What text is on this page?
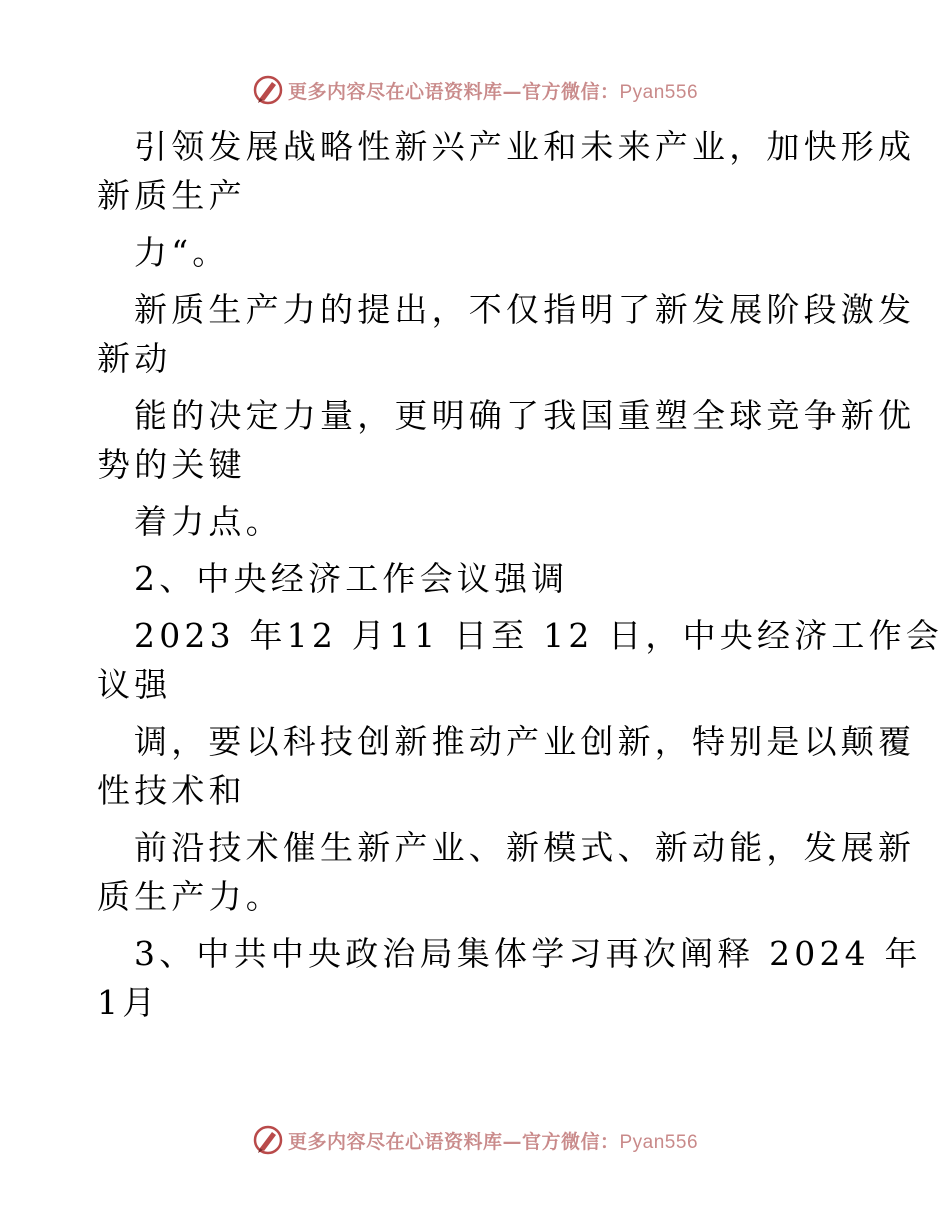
更多内容尽在心语资料库—官方微信：Pyan556
引领发展战略性新兴产业和未来产业，加快形成
新质生产
力“。
新质生产力的提出，不仅指明了新发展阶段激发
新动
能的决定力量，更明确了我国重塑全球竞争新优
势的关键
着力点。
2、中央经济工作会议强调
2023 年12 月11 日至 12 日，中央经济工作会
议强
调，要以科技创新推动产业创新，特别是以颠覆
性技术和
前沿技术催生新产业、新模式、新动能，发展新
质生产力。
3、中共中央政治局集体学习再次阐释 2024 年
1月
更多内容尽在心语资料库—官方微信：Pyan556
